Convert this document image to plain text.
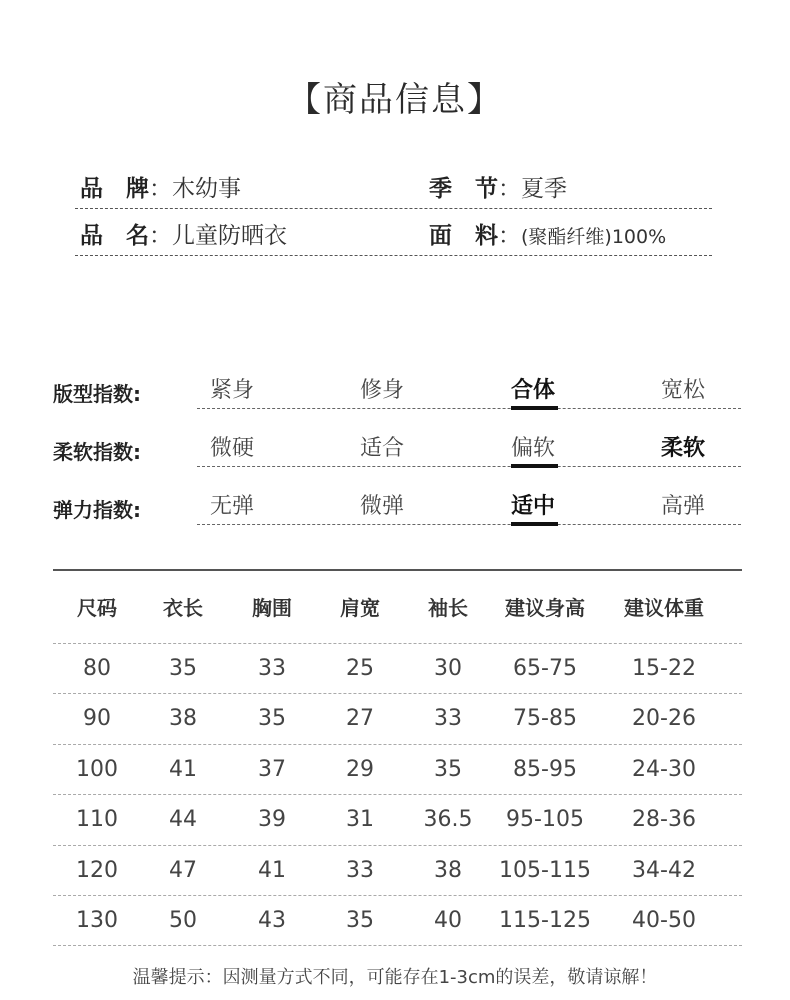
【商品信息】
品　牌：木幼事	季　节：夏季
品　名：儿童防晒衣	面　料：(聚酯纤维)100%
版型指数:	紧身	修身	合体	宽松
柔软指数:	微硬	适合	偏软	柔软
弹力指数:	无弹	微弹	适中	高弹
尺码	衣长	胸围	肩宽	袖长	建议身高	建议体重
80	35	33	25	30	65-75	15-22
90	38	35	27	33	75-85	20-26
100	41	37	29	35	85-95	24-30
110	44	39	31	36.5	95-105	28-36
120	47	41	33	38	105-115	34-42
130	50	43	35	40	115-125	40-50
温馨提示：因测量方式不同，可能存在1-3cm的误差，敬请谅解！
